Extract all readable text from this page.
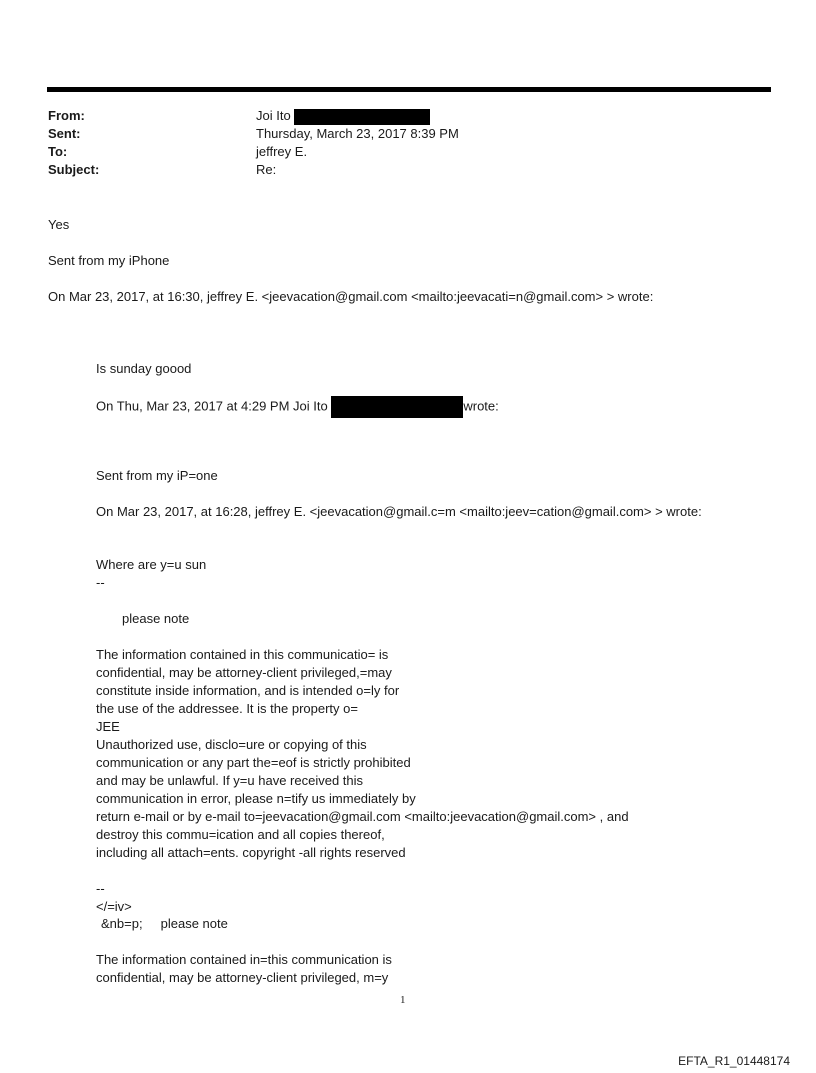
From:	Joi Ito
Sent:	Thursday, March 23, 2017 8:39 PM
To:	jeffrey E.
Subject:	Re:
Yes
Sent from my iPhone
On Mar 23, 2017, at 16:30, jeffrey E. <jeevacation@gmail.com <mailto:jeevacati=n@gmail.com> > wrote:
Is sunday goood
On Thu, Mar 23, 2017 at 4:29 PM Joi Ito	wrote:
Sent from my iP=one
On Mar 23, 2017, at 16:28, jeffrey E. <jeevacation@gmail.c=m <mailto:jeev=cation@gmail.com> > wrote:
Where are y=u sun
--
please note
The information contained in this communicatio= is
confidential, may be attorney-client privileged,=may
constitute inside information, and is intended o=ly for
the use of the addressee. It is the property o=
JEE
Unauthorized use, disclo=ure or copying of this
communication or any part the=eof is strictly prohibited
and may be unlawful. If y=u have received this
communication in error, please n=tify us immediately by
return e-mail or by e-mail to=jeevacation@gmail.com <mailto:jeevacation@gmail.com> , and
destroy this commu=ication and all copies thereof,
including all attach=ents. copyright -all rights reserved
--
</=iv>
&nb=p;     please note
The information contained in=this communication is
confidential, may be attorney-client privileged, m=y
1
EFTA_R1_01448174
